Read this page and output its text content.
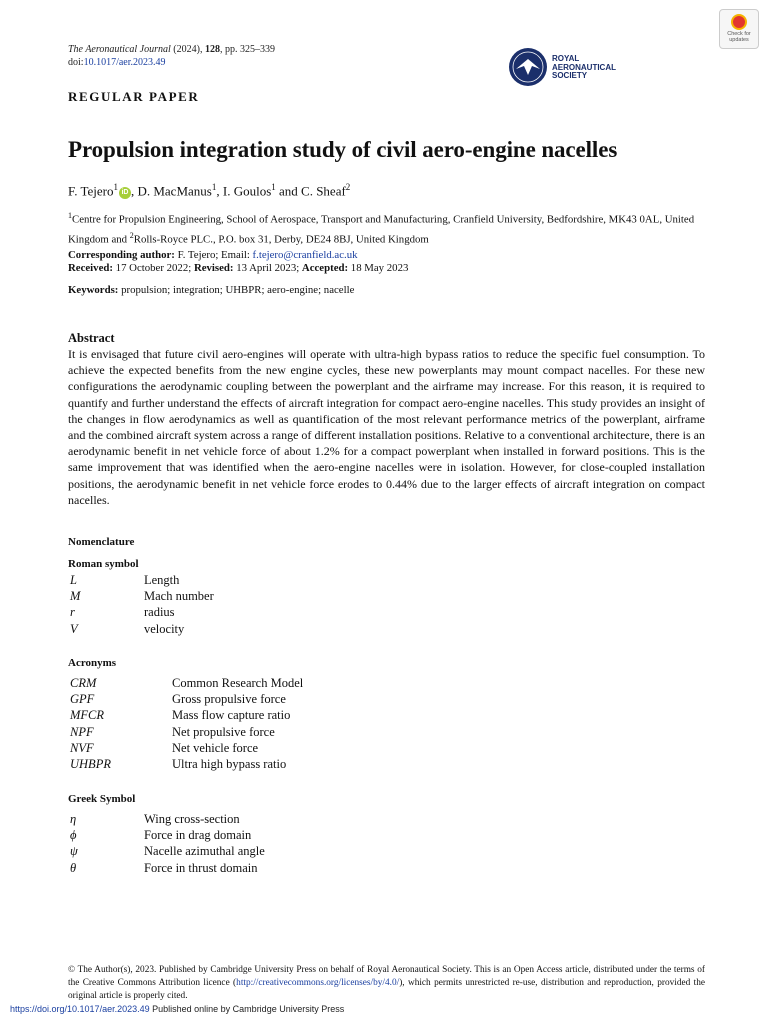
The Aeronautical Journal (2024), 128, pp. 325–339
doi:10.1017/aer.2023.49
Check for
updates
ROYAL
AERONAUTICAL
SOCIETY
REGULAR PAPER
Propulsion integration study of civil aero-engine nacelles
F. Tejero$^1$iD , D. MacManus$^1$, I. Goulos$^1$ and C. Sheaf$^2$
$^1$Centre for Propulsion Engineering, School of Aerospace, Transport and Manufacturing, Cranfield University, Bedfordshire, MK43 0AL, United Kingdom and $^2$Rolls-Royce PLC., P.O. box 31, Derby, DE24 8BJ, United Kingdom
Corresponding author: F. Tejero; Email: f.tejero@cranfield.ac.uk
Received: 17 October 2022; Revised: 13 April 2023; Accepted: 18 May 2023
Keywords: propulsion; integration; UHBPR; aero-engine; nacelle
Abstract
It is envisaged that future civil aero-engines will operate with ultra-high bypass ratios to reduce the specific fuel consumption. To achieve the expected benefits from the new engine cycles, these new powerplants may mount compact nacelles. For these new configurations the aerodynamic coupling between the powerplant and the airframe may increase. For this reason, it is required to quantify and further understand the effects of aircraft integration for compact aero-engine nacelles. This study provides an insight of the changes in flow aerodynamics as well as quantification of the most relevant performance metrics of the powerplant, airframe and the combined aircraft system across a range of different installation positions. Relative to a conventional architecture, there is an aerodynamic benefit in net vehicle force of about 1.2% for a compact powerplant when installed in forward positions. This is the same improvement that was identified when the aero-engine nacelles were in isolation. However, for close-coupled installation positions, the aerodynamic benefit in net vehicle force erodes to 0.44% due to the larger effects of aircraft integration on compact nacelles.
Nomenclature
Roman symbol
L	Length
M	Mach number
r	radius
V	velocity
Acronyms
CRM	Common Research Model
GPF	Gross propulsive force
MFCR	Mass flow capture ratio
NPF	Net propulsive force
NVF	Net vehicle force
UHBPR	Ultra high bypass ratio
Greek Symbol
η	Wing cross-section
ϕ	Force in drag domain
ψ	Nacelle azimuthal angle
θ	Force in thrust domain
© The Author(s), 2023. Published by Cambridge University Press on behalf of Royal Aeronautical Society. This is an Open Access article, distributed under the terms of the Creative Commons Attribution licence (http://creativecommons.org/licenses/by/4.0/), which permits unrestricted re-use, distribution and reproduction, provided the original article is properly cited.
https://doi.org/10.1017/aer.2023.49 Published online by Cambridge University Press
